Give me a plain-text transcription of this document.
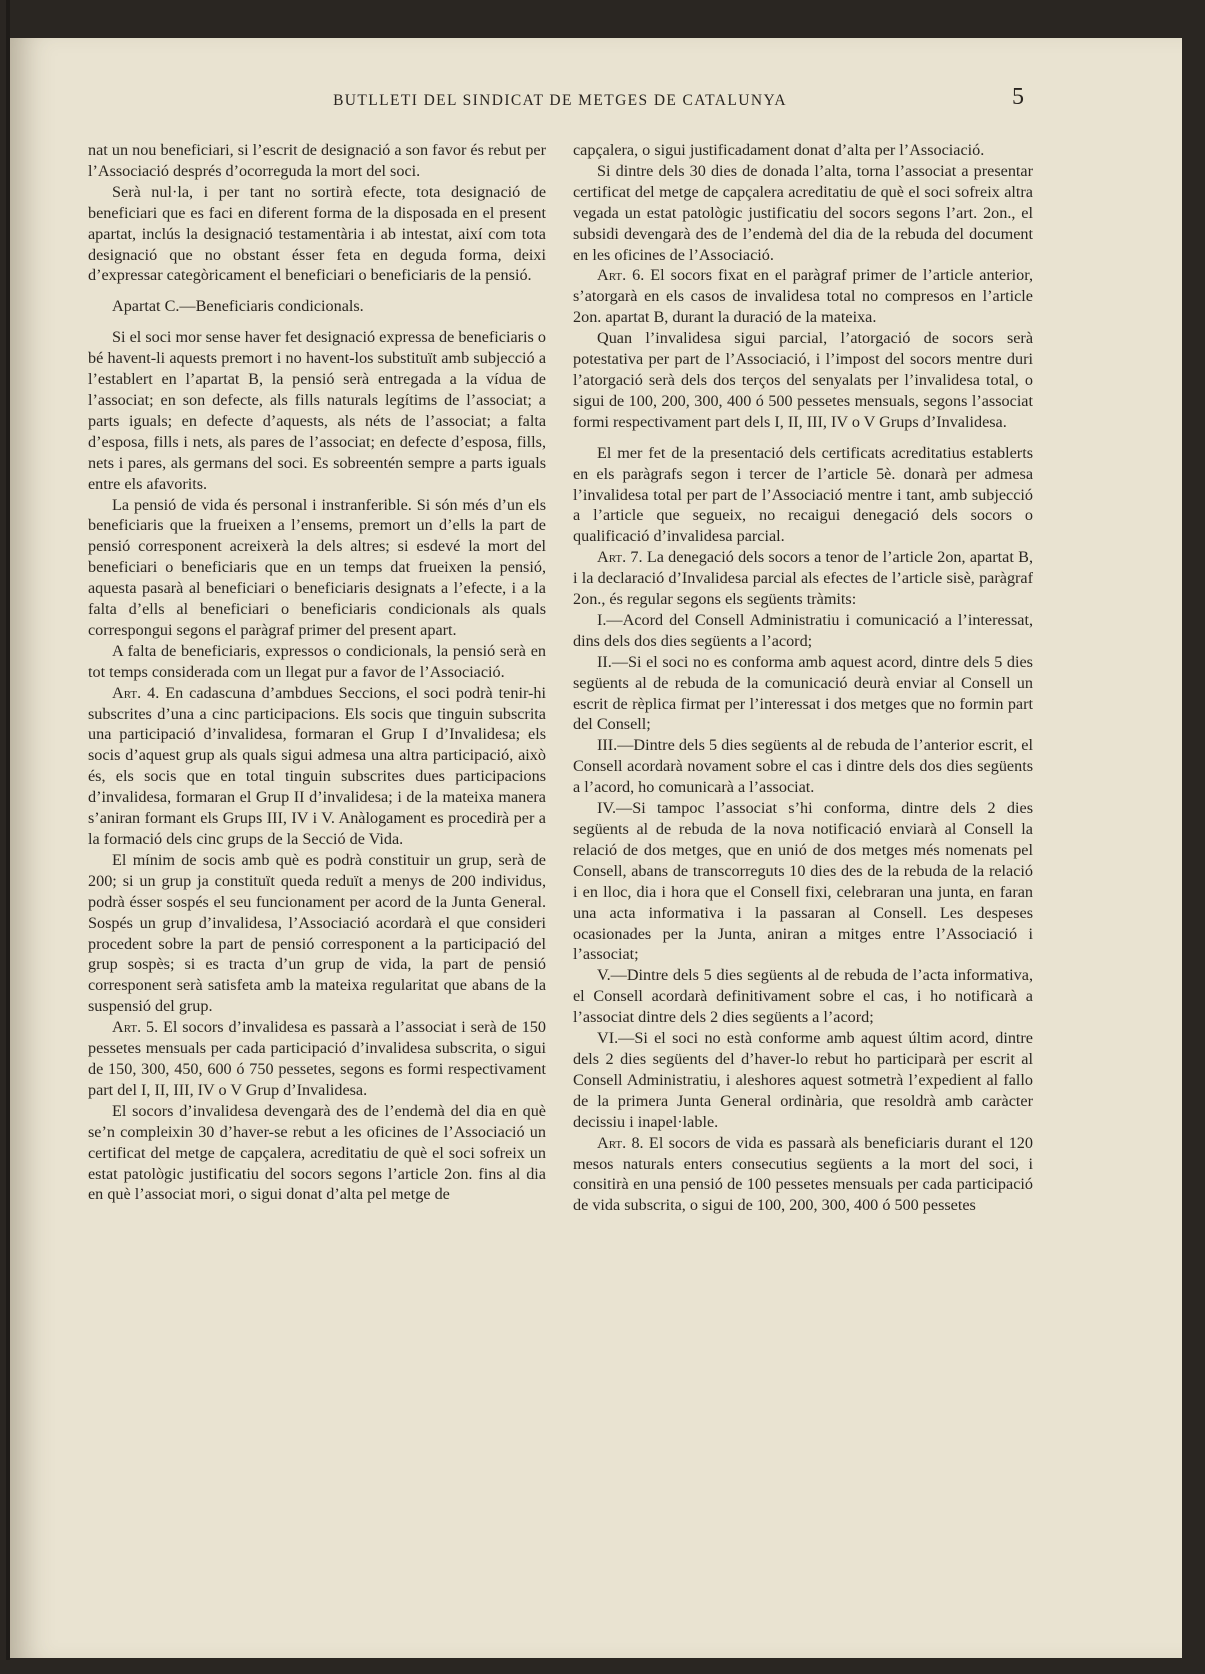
BUTLLETI DEL SINDICAT DE METGES DE CATALUNYA	5

nat un nou beneficiari, si l’escrit de designació a son favor és rebut per l’Associació després d’ocorreguda la mort del soci.

Serà nul·la, i per tant no sortirà efecte, tota designació de beneficiari que es faci en diferent forma de la disposada en el present apartat, inclús la designació testamentària i ab intestat, així com tota designació que no obstant ésser feta en deguda forma, deixi d’expressar categòricament el beneficiari o beneficiaris de la pensió.

Apartat C.—Beneficiaris condicionals.

Si el soci mor sense haver fet designació expressa de beneficiaris o bé havent-li aquests premort i no havent-los substituït amb subjecció a l’establert en l’apartat B, la pensió serà entregada a la vídua de l’associat; en son defecte, als fills naturals legítims de l’associat; a parts iguals; en defecte d’aquests, als néts de l’associat; a falta d’esposa, fills i nets, als pares de l’associat; en defecte d’esposa, fills, nets i pares, als germans del soci. Es sobreentén sempre a parts iguals entre els afavorits.

La pensió de vida és personal i instranferible. Si són més d’un els beneficiaris que la frueixen a l’ensems, premort un d’ells la part de pensió corresponent acreixerà la dels altres; si esdevé la mort del beneficiari o beneficiaris que en un temps dat frueixen la pensió, aquesta pasarà al beneficiari o beneficiaris designats a l’efecte, i a la falta d’ells al beneficiari o beneficiaris condicionals als quals correspongui segons el paràgraf primer del present apart.

A falta de beneficiaris, expressos o condicionals, la pensió serà en tot temps considerada com un llegat pur a favor de l’Associació.

Art. 4. En cadascuna d’ambdues Seccions, el soci podrà tenir-hi subscrites d’una a cinc participacions. Els socis que tinguin subscrita una participació d’invalidesa, formaran el Grup I d’Invalidesa; els socis d’aquest grup als quals sigui admesa una altra participació, això és, els socis que en total tinguin subscrites dues participacions d’invalidesa, formaran el Grup II d’invalidesa; i de la mateixa manera s’aniran formant els Grups III, IV i V. Anàlogament es procedirà per a la formació dels cinc grups de la Secció de Vida.

El mínim de socis amb què es podrà constituir un grup, serà de 200; si un grup ja constituït queda reduït a menys de 200 individus, podrà ésser sospés el seu funcionament per acord de la Junta General. Sospés un grup d’invalidesa, l’Associació acordarà el que consideri procedent sobre la part de pensió corresponent a la participació del grup sospès; si es tracta d’un grup de vida, la part de pensió corresponent serà satisfeta amb la mateixa regularitat que abans de la suspensió del grup.

Art. 5. El socors d’invalidesa es passarà a l’associat i serà de 150 pessetes mensuals per cada participació d’invalidesa subscrita, o sigui de 150, 300, 450, 600 ó 750 pessetes, segons es formi respectivament part del I, II, III, IV o V Grup d’Invalidesa.

El socors d’invalidesa devengarà des de l’endemà del dia en què se’n compleixin 30 d’haver-se rebut a les oficines de l’Associació un certificat del metge de capçalera, acreditatiu de què el soci sofreix un estat patològic justificatiu del socors segons l’article 2on. fins al dia en què l’associat mori, o sigui donat d’alta pel metge de

capçalera, o sigui justificadament donat d’alta per l’Associació.

Si dintre dels 30 dies de donada l’alta, torna l’associat a presentar certificat del metge de capçalera acreditatiu de què el soci sofreix altra vegada un estat patològic justificatiu del socors segons l’art. 2on., el subsidi devengarà des de l’endemà del dia de la rebuda del document en les oficines de l’Associació.

Art. 6. El socors fixat en el paràgraf primer de l’article anterior, s’atorgarà en els casos de invalidesa total no compresos en l’article 2on. apartat B, durant la duració de la mateixa.

Quan l’invalidesa sigui parcial, l’atorgació de socors serà potestativa per part de l’Associació, i l’impost del socors mentre duri l’atorgació serà dels dos terços del senyalats per l’invalidesa total, o sigui de 100, 200, 300, 400 ó 500 pessetes mensuals, segons l’associat formi respectivament part dels I, II, III, IV o V Grups d’Invalidesa.

El mer fet de la presentació dels certificats acreditatius establerts en els paràgrafs segon i tercer de l’article 5è. donarà per admesa l’invalidesa total per part de l’Associació mentre i tant, amb subjecció a l’article que segueix, no recaigui denegació dels socors o qualificació d’invalidesa parcial.

Art. 7. La denegació dels socors a tenor de l’article 2on, apartat B, i la declaració d’Invalidesa parcial als efectes de l’article sisè, paràgraf 2on., és regular segons els següents tràmits:

I.—Acord del Consell Administratiu i comunicació a l’interessat, dins dels dos dies següents a l’acord;

II.—Si el soci no es conforma amb aquest acord, dintre dels 5 dies següents al de rebuda de la comunicació deurà enviar al Consell un escrit de rèplica firmat per l’interessat i dos metges que no formin part del Consell;

III.—Dintre dels 5 dies següents al de rebuda de l’anterior escrit, el Consell acordarà novament sobre el cas i dintre dels dos dies següents a l’acord, ho comunicarà a l’associat.

IV.—Si tampoc l’associat s’hi conforma, dintre dels 2 dies següents al de rebuda de la nova notificació enviarà al Consell la relació de dos metges, que en unió de dos metges més nomenats pel Consell, abans de transcorreguts 10 dies des de la rebuda de la relació i en lloc, dia i hora que el Consell fixi, celebraran una junta, en faran una acta informativa i la passaran al Consell. Les despeses ocasionades per la Junta, aniran a mitges entre l’Associació i l’associat;

V.—Dintre dels 5 dies següents al de rebuda de l’acta informativa, el Consell acordarà definitivament sobre el cas, i ho notificarà a l’associat dintre dels 2 dies següents a l’acord;

VI.—Si el soci no està conforme amb aquest últim acord, dintre dels 2 dies següents del d’haver-lo rebut ho participarà per escrit al Consell Administratiu, i aleshores aquest sotmetrà l’expedient al fallo de la primera Junta General ordinària, que resoldrà amb caràcter decissiu i inapel·lable.

Art. 8. El socors de vida es passarà als beneficiaris durant el 120 mesos naturals enters consecutius següents a la mort del soci, i consitirà en una pensió de 100 pessetes mensuals per cada participació de vida subscrita, o sigui de 100, 200, 300, 400 ó 500 pessetes
